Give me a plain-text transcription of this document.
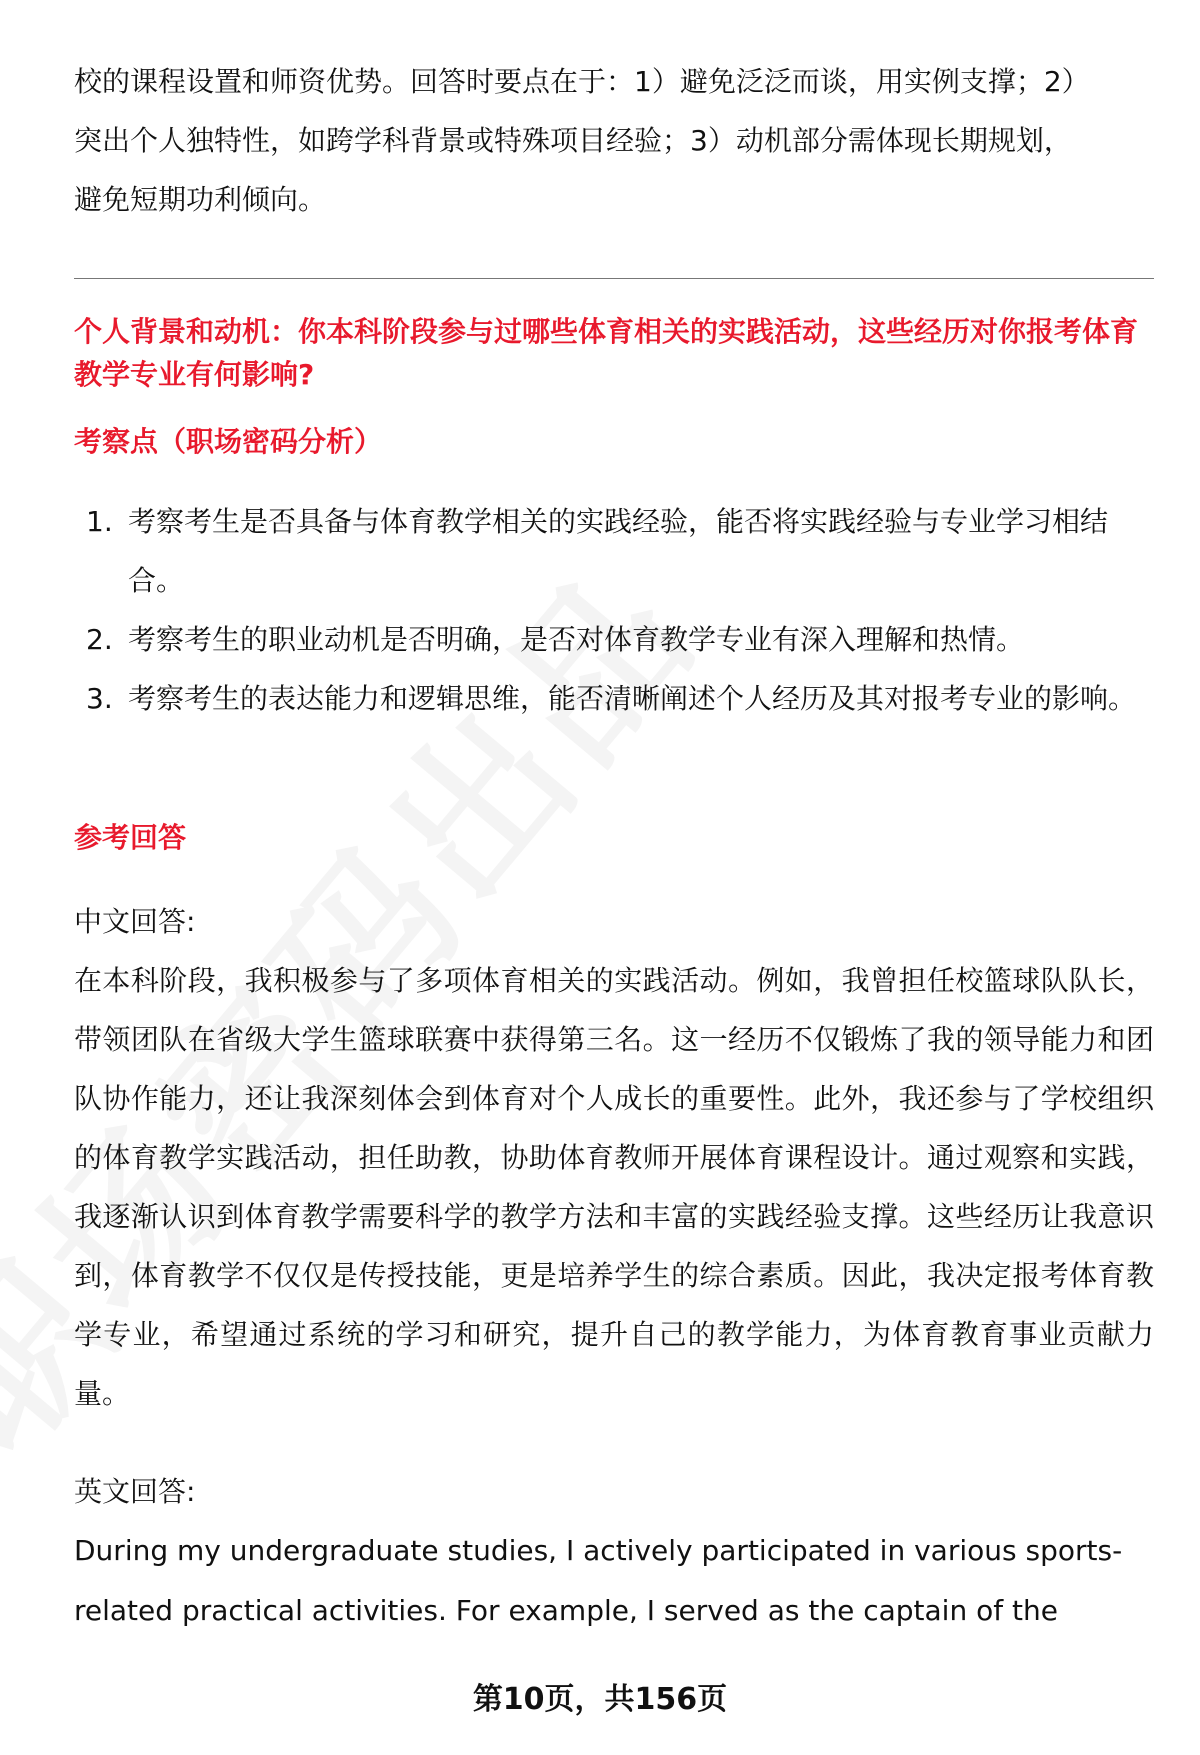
校的课程设置和师资优势。回答时要点在于：1）避免泛泛而谈，用实例支撑；2）
突出个人独特性，如跨学科背景或特殊项目经验；3）动机部分需体现长期规划，
避免短期功利倾向。

个人背景和动机：你本科阶段参与过哪些体育相关的实践活动，这些经历对你报考体育教学专业有何影响?

考察点（职场密码分析）

1. 考察考生是否具备与体育教学相关的实践经验，能否将实践经验与专业学习相结合。
2. 考察考生的职业动机是否明确，是否对体育教学专业有深入理解和热情。
3. 考察考生的表达能力和逻辑思维，能否清晰阐述个人经历及其对报考专业的影响。

参考回答

中文回答:

在本科阶段，我积极参与了多项体育相关的实践活动。例如，我曾担任校篮球队队长，带领团队在省级大学生篮球联赛中获得第三名。这一经历不仅锻炼了我的领导能力和团队协作能力，还让我深刻体会到体育对个人成长的重要性。此外，我还参与了学校组织的体育教学实践活动，担任助教，协助体育教师开展体育课程设计。通过观察和实践，我逐渐认识到体育教学需要科学的教学方法和丰富的实践经验支撑。这些经历让我意识到，体育教学不仅仅是传授技能，更是培养学生的综合素质。因此，我决定报考体育教学专业，希望通过系统的学习和研究，提升自己的教学能力，为体育教育事业贡献力量。

英文回答:

During my undergraduate studies, I actively participated in various sports-related practical activities. For example, I served as the captain of the

第10页，共156页
